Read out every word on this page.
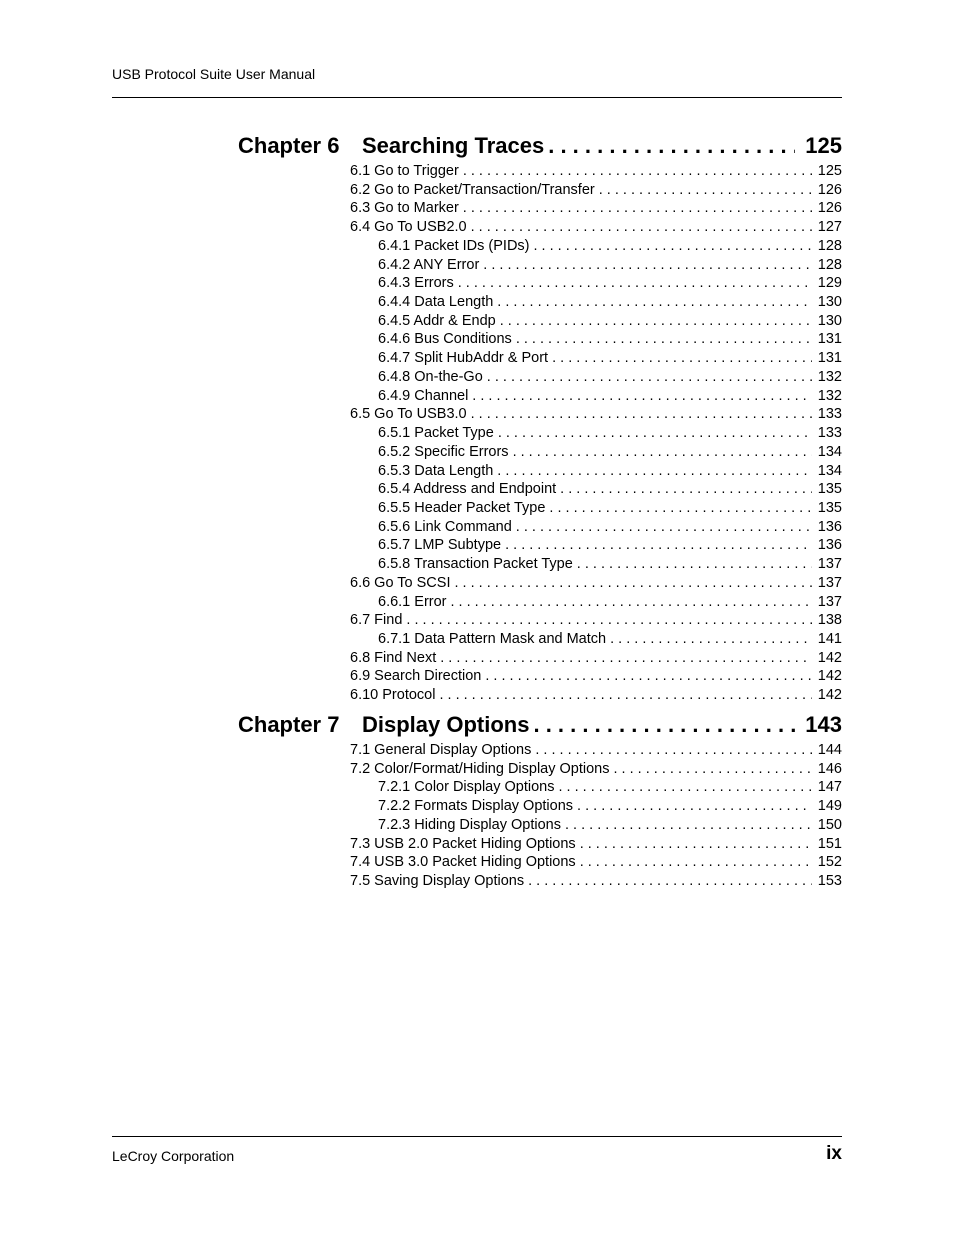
USB Protocol Suite User Manual
Chapter 6	Searching Traces . . .	125
6.1 Go to Trigger . . .	125
6.2 Go to Packet/Transaction/Transfer . . .	126
6.3 Go to Marker . . .	126
6.4 Go To USB2.0 . . .	127
6.4.1 Packet IDs (PIDs) . . .	128
6.4.2 ANY Error . . .	128
6.4.3 Errors . . .	129
6.4.4 Data Length . . .	130
6.4.5 Addr & Endp . . .	130
6.4.6 Bus Conditions . . .	131
6.4.7 Split HubAddr & Port . . .	131
6.4.8 On-the-Go . . .	132
6.4.9 Channel . . .	132
6.5 Go To USB3.0 . . .	133
6.5.1 Packet Type . . .	133
6.5.2 Specific Errors . . .	134
6.5.3 Data Length . . .	134
6.5.4 Address and Endpoint . . .	135
6.5.5 Header Packet Type . . .	135
6.5.6 Link Command . . .	136
6.5.7 LMP Subtype . . .	136
6.5.8 Transaction Packet Type . . .	137
6.6 Go To SCSI . . .	137
6.6.1 Error . . .	137
6.7 Find . . .	138
6.7.1 Data Pattern Mask and Match . . .	141
6.8 Find Next . . .	142
6.9 Search Direction . . .	142
6.10 Protocol . . .	142
Chapter 7	Display Options . . .	143
7.1 General Display Options . . .	144
7.2 Color/Format/Hiding Display Options . . .	146
7.2.1 Color Display Options . . .	147
7.2.2 Formats Display Options . . .	149
7.2.3 Hiding Display Options . . .	150
7.3 USB 2.0 Packet Hiding Options . . .	151
7.4 USB 3.0 Packet Hiding Options . . .	152
7.5 Saving Display Options . . .	153
LeCroy Corporation	ix
